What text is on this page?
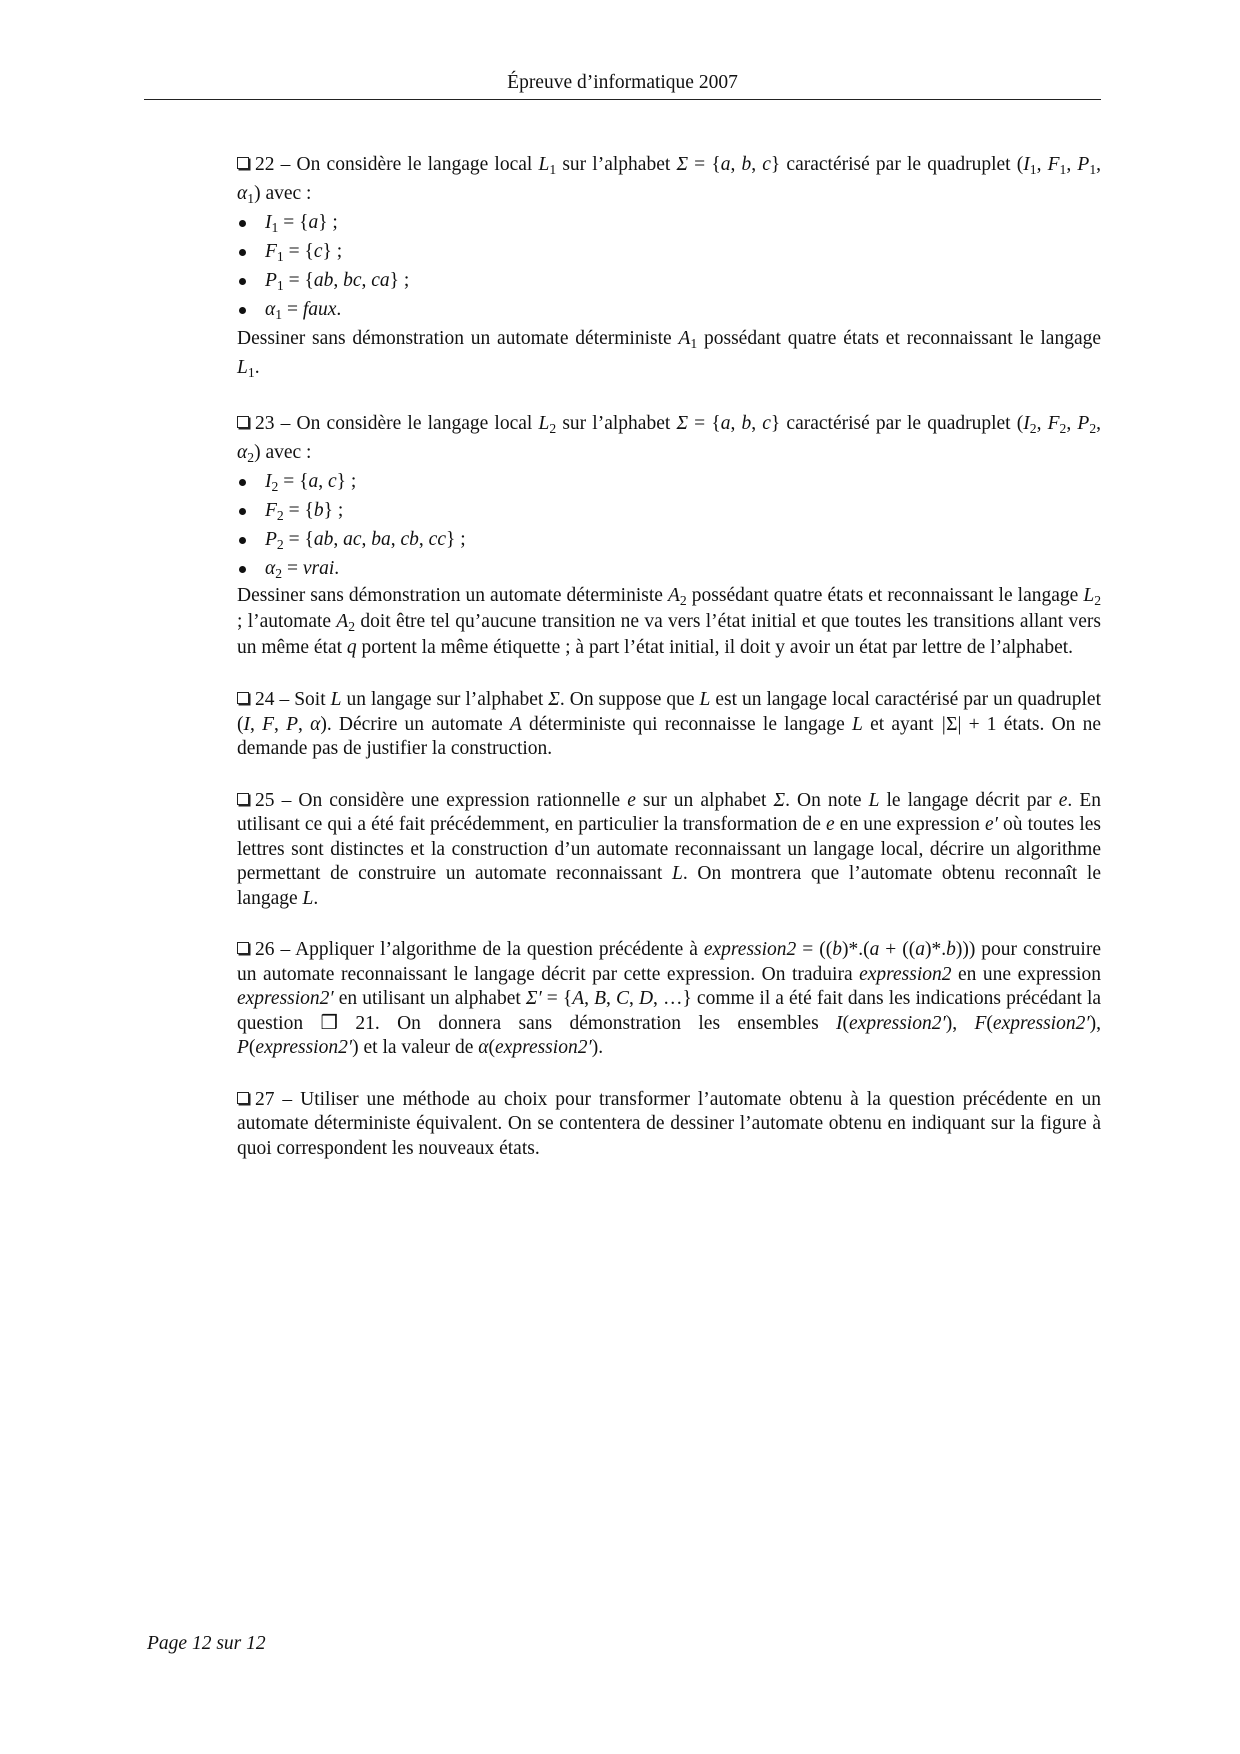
Épreuve d’informatique 2007

22 – On considère le langage local $L_1$ sur l’alphabet Σ = {a, b, c} caractérisé par le quadruplet ($I_1$, $F_1$, $P_1$, $\alpha_1$) avec :

$I_1 = \{a\}$ ;
$F_1 = \{c\}$ ;
$P_1 = \{ab$, bc, ca} ;
$\alpha_1$ = faux.

Dessiner sans démonstration un automate déterministe $A_1$ possédant quatre états et reconnaissant le langage $L_1$.

23 – On considère le langage local $L_2$ sur l’alphabet Σ = {a, b, c} caractérisé par le quadruplet ($I_2$, $F_2$, $P_2$, $\alpha_2$) avec :

$I_2 = \{a$, c} ;
$F_2 = \{b\}$ ;
$P_2 = \{ab$, ac, ba, cb, cc} ;
$\alpha_2$ = vrai.

Dessiner sans démonstration un automate déterministe $A_2$ possédant quatre états et reconnaissant le langage $L_2$ ; l’automate $A_2$ doit être tel qu’aucune transition ne va vers l’état initial et que toutes les transitions allant vers un même état q portent la même étiquette ; à part l’état initial, il doit y avoir un état par lettre de l’alphabet.

24 – Soit L un langage sur l’alphabet Σ. On suppose que L est un langage local caractérisé par un quadruplet (I, F, P, α). Décrire un automate A déterministe qui reconnaisse le langage L et ayant |Σ| + 1 états. On ne demande pas de justifier la construction.

25 – On considère une expression rationnelle e sur un alphabet Σ. On note L le langage décrit par e. En utilisant ce qui a été fait précédemment, en particulier la transformation de e en une expression e′ où toutes les lettres sont distinctes et la construction d’un automate reconnaissant un langage local, décrire un algorithme permettant de construire un automate reconnaissant L. On montrera que l’automate obtenu reconnaît le langage L.

26 – Appliquer l’algorithme de la question précédente à expression2 = ((b)*.(a + ((a)*.b))) pour construire un automate reconnaissant le langage décrit par cette expression. On traduira expression2 en une expression expression2′ en utilisant un alphabet Σ′ = {A, B, C, D, …} comme il a été fait dans les indications précédant la question ❒ 21. On donnera sans démonstration les ensembles I(expression2′), F(expression2′), P(expression2′) et la valeur de α(expression2′).

27 – Utiliser une méthode au choix pour transformer l’automate obtenu à la question précédente en un automate déterministe équivalent. On se contentera de dessiner l’automate obtenu en indiquant sur la figure à quoi correspondent les nouveaux états.

Page 12 sur 12
